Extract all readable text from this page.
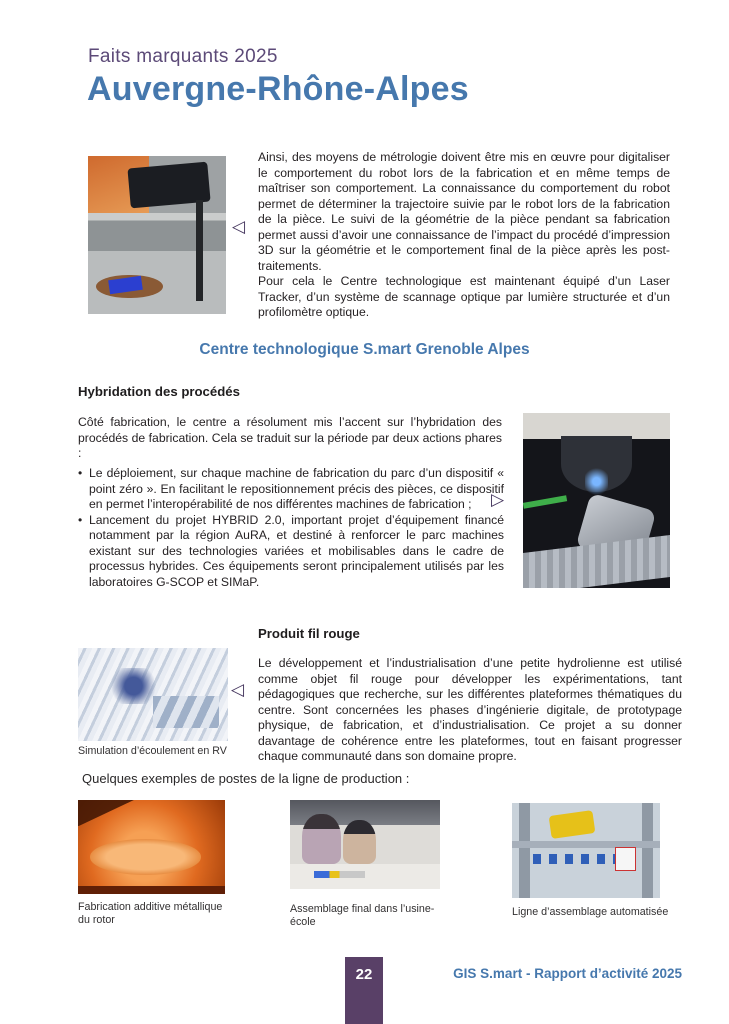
Faits marquants 2025
Auvergne-Rhône-Alpes
◁

Ainsi, des moyens de métrologie doivent être mis en œuvre pour digitaliser le comportement du robot lors de la fabrication et en même temps de maîtriser son comportement. La connaissance du comportement du robot permet de déterminer la trajectoire suivie par le robot lors de la fabrication de la pièce. Le suivi de la géométrie de la pièce pendant sa fabrication permet aussi d’avoir une connaissance de l’impact du procédé d’impression 3D sur la géométrie et le comportement final de la pièce après les post-traitements.

Pour cela le Centre technologique est maintenant équipé d’un Laser Tracker, d’un système de scannage optique par lumière structurée et d’un profilomètre optique.

Centre technologique S.mart Grenoble Alpes
Hybridation des procédés

Côté fabrication, le centre a résolument mis l’accent sur l’hybridation des procédés de fabrication. Cela se traduit sur la période par deux actions phares :

• Le déploiement, sur chaque machine de fabrication du parc d’un dispositif « point zéro ». En facilitant le repositionnement précis des pièces, ce dispositif en permet l’interopérabilité de nos différentes machines de fabrication ;
• Lancement du projet HYBRID 2.0, important projet d’équipement financé notamment par la région AuRA, et destiné à renforcer le parc machines existant sur des technologies variées et mobilisables dans le cadre de processus hybrides. Ces équipements seront principalement utilisés par les laboratoires G-SCOP et SIMaP.
▷
Produit fil rouge

Le développement et l’industrialisation d’une petite hydrolienne est utilisé comme objet fil rouge pour développer les expérimentations, tant pédagogiques que recherche, sur les différentes plateformes thématiques du centre. Sont concernées les phases d’ingénierie digitale, de prototypage physique, de fabrication, et d’industrialisation. Ce projet a su donner davantage de cohérence entre les plateformes, tout en faisant progresser chaque communauté dans son domaine propre.

Simulation d’écoulement en RV
◁

Quelques exemples de postes de la ligne de production :

Fabrication additive métallique du rotor
Assemblage final dans l’usine-école
Ligne d’assemblage automatisée
22	GIS S.mart - Rapport d’activité 2025
